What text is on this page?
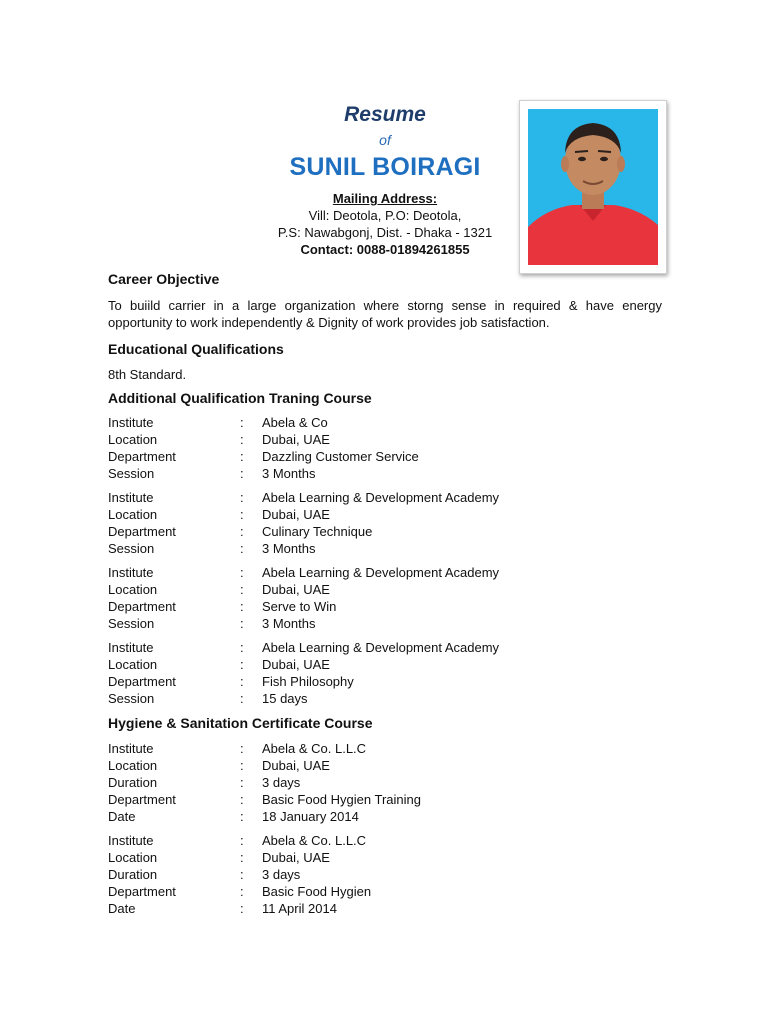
Resume
of
SUNIL BOIRAGI
Mailing Address:
Vill: Deotola, P.O: Deotola,
P.S: Nawabgonj, Dist. - Dhaka - 1321
Contact: 0088-01894261855
Career Objective
To buiild carrier in a large organization where storng sense in required & have energy opportunity to work independently & Dignity of work provides job satisfaction.
Educational Qualifications
8th Standard.
Additional Qualification Traning Course
Institute	:	Abela & Co
Location	:	Dubai, UAE
Department	:	Dazzling Customer Service
Session	:	3 Months
Institute	:	Abela Learning & Development Academy
Location	:	Dubai, UAE
Department	:	Culinary Technique
Session	:	3 Months
Institute	:	Abela Learning & Development Academy
Location	:	Dubai, UAE
Department	:	Serve to Win
Session	:	3 Months
Institute	:	Abela Learning & Development Academy
Location	:	Dubai, UAE
Department	:	Fish Philosophy
Session	:	15 days
Hygiene & Sanitation Certificate Course
Institute	:	Abela & Co. L.L.C
Location	:	Dubai, UAE
Duration	:	3 days
Department	:	Basic Food Hygien Training
Date	:	18 January 2014
Institute	:	Abela & Co. L.L.C
Location	:	Dubai, UAE
Duration	:	3 days
Department	:	Basic Food Hygien
Date	:	11 April 2014
